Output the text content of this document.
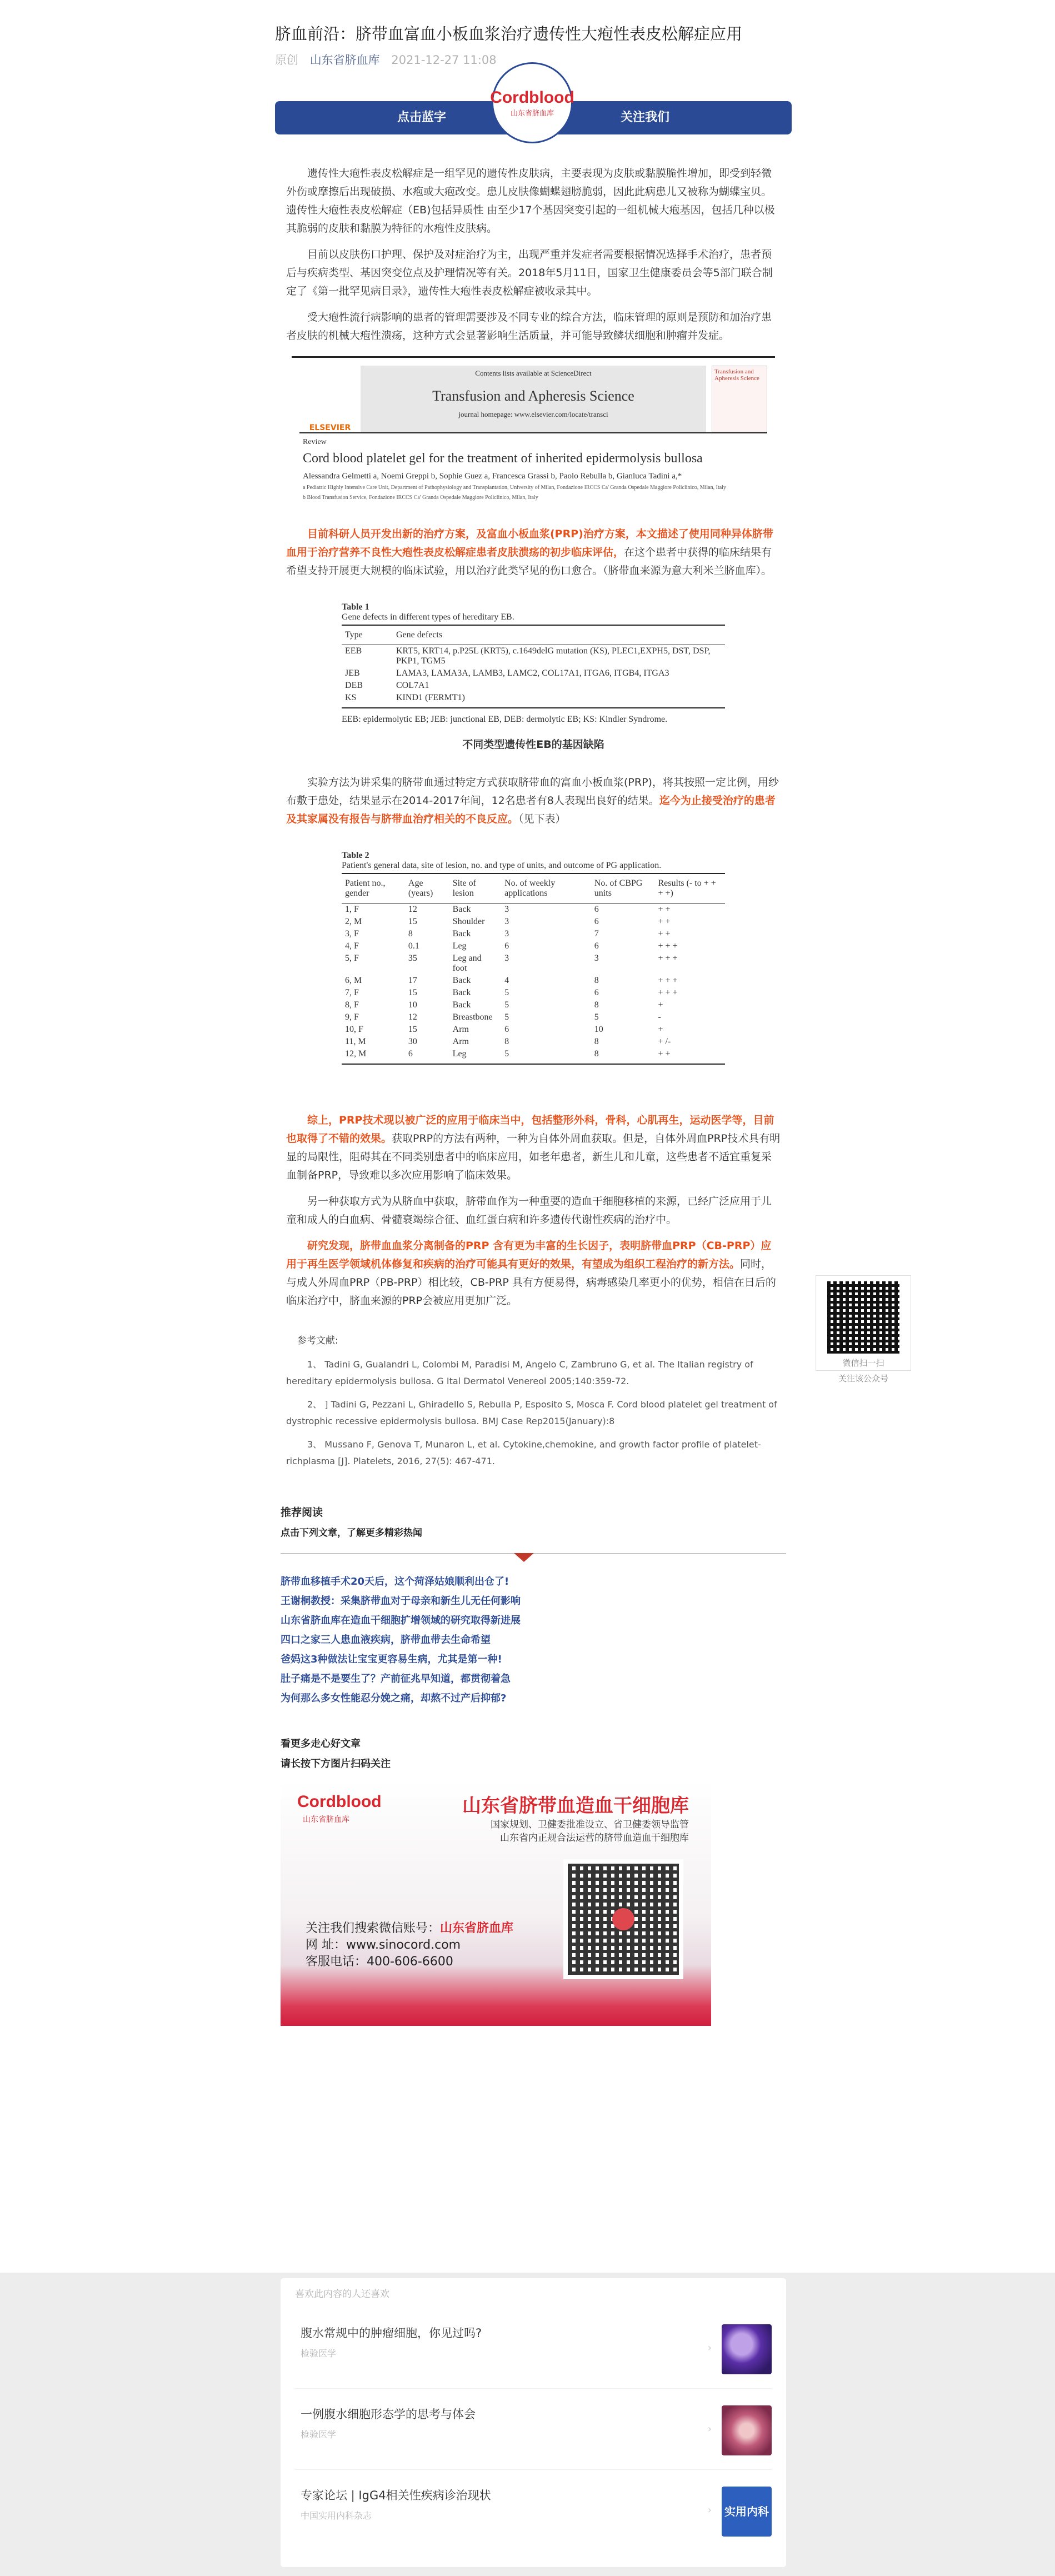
脐血前沿：脐带血富血小板血浆治疗遗传性大疱性表皮松解症应用
原创 山东省脐血库 2021-12-27 11:08
点击蓝字	关注我们
Cordblood
山东省脐血库

遗传性大疱性表皮松解症是一组罕见的遗传性皮肤病，主要表现为皮肤或黏膜脆性增加，即受到轻微外伤或摩擦后出现破损、水疱或大疱改变。患儿皮肤像蝴蝶翅膀脆弱，因此此病患儿又被称为蝴蝶宝贝。遗传性大疱性表皮松解症（EB)包括异质性 由至少17个基因突变引起的一组机械大疱基因，包括几种以极其脆弱的皮肤和黏膜为特征的水疱性皮肤病。

目前以皮肤伤口护理、保护及对症治疗为主，出现严重并发症者需要根据情况选择手术治疗，患者预后与疾病类型、基因突变位点及护理情况等有关。2018年5月11日，国家卫生健康委员会等5部门联合制定了《第一批罕见病目录》，遗传性大疱性表皮松解症被收录其中。

受大疱性流行病影响的患者的管理需要涉及不同专业的综合方法，临床管理的原则是预防和加治疗患者皮肤的机械大疱性溃疡，这种方式会显著影响生活质量，并可能导致鳞状细胞和肿瘤并发症。

ELSEVIER
Contents lists available at ScienceDirect
Transfusion and Apheresis Science
journal homepage: www.elsevier.com/locate/transci
Transfusion and Apheresis Science
Review
Cord blood platelet gel for the treatment of inherited epidermolysis bullosa
Alessandra Gelmetti a, Noemi Greppi b, Sophie Guez a, Francesca Grassi b, Paolo Rebulla b, Gianluca Tadini a,*
a Pediatric Highly Intensive Care Unit, Department of Pathophysiology and Transplantation, University of Milan, Fondazione IRCCS Ca' Granda Ospedale Maggiore Policlinico, Milan, Italy
b Blood Transfusion Service, Fondazione IRCCS Ca' Granda Ospedale Maggiore Policlinico, Milan, Italy

目前科研人员开发出新的治疗方案，及富血小板血浆(PRP)治疗方案，本文描述了使用同种异体脐带血用于治疗营养不良性大疱性表皮松解症患者皮肤溃疡的初步临床评估，在这个患者中获得的临床结果有希望支持开展更大规模的临床试验，用以治疗此类罕见的伤口愈合。（脐带血来源为意大利米兰脐血库）。

Table 1
Gene defects in different types of hereditary EB.
Type	Gene defects
EEB	KRT5, KRT14, p.P25L (KRT5), c.1649delG mutation (KS), PLEC1,EXPH5, DST, DSP, PKP1, TGM5
JEB	LAMA3, LAMA3A, LAMB3, LAMC2, COL17A1, ITGA6, ITGB4, ITGA3
DEB	COL7A1
KS	KIND1 (FERMT1)
EEB: epidermolytic EB; JEB: junctional EB, DEB: dermolytic EB; KS: Kindler Syndrome.
不同类型遗传性EB的基因缺陷

实验方法为讲采集的脐带血通过特定方式获取脐带血的富血小板血浆(PRP)，将其按照一定比例，用纱布敷于患处，结果显示在2014-2017年间，12名患者有8人表现出良好的结果。迄今为止接受治疗的患者及其家属没有报告与脐带血治疗相关的不良反应。（见下表）

Table 2
Patient's general data, site of lesion, no. and type of units, and outcome of PG application.
Patient no., gender	Age (years)	Site of lesion	No. of weekly applications	No. of CBPG units	Results (- to + + + +)
1, F	12	Back	3	6	+ +
2, M	15	Shoulder	3	6	+ +
3, F	8	Back	3	7	+ +
4, F	0.1	Leg	6	6	+ + +
5, F	35	Leg and foot	3	3	+ + +
6, M	17	Back	4	8	+ + +
7, F	15	Back	5	6	+ + +
8, F	10	Back	5	8	+
9, F	12	Breastbone	5	5	-
10, F	15	Arm	6	10	+
11, M	30	Arm	8	8	+ /-
12, M	6	Leg	5	8	+ +

综上，PRP技术现以被广泛的应用于临床当中，包括整形外科，骨科，心肌再生，运动医学等，目前也取得了不错的效果。获取PRP的方法有两种，一种为自体外周血获取。但是，自体外周血PRP技术具有明显的局限性，阻碍其在不同类别患者中的临床应用，如老年患者，新生儿和儿童，这些患者不适宜重复采血制备PRP，导致难以多次应用影响了临床效果。

另一种获取方式为从脐血中获取，脐带血作为一种重要的造血干细胞移植的来源，已经广泛应用于儿童和成人的白血病、骨髓衰竭综合征、血红蛋白病和许多遗传代谢性疾病的治疗中。

研究发现，脐带血血浆分离制备的PRP 含有更为丰富的生长因子，表明脐带血PRP（CB-PRP）应用于再生医学领域机体修复和疾病的治疗可能具有更好的效果，有望成为组织工程治疗的新方法。同时，与成人外周血PRP（PB-PRP）相比较，CB-PRP 具有方便易得，病毒感染几率更小的优势，相信在日后的临床治疗中，脐血来源的PRP会被应用更加广泛。

参考文献:

1、 Tadini G, Gualandri L, Colombi M, Paradisi M, Angelo C, Zambruno G, et al. The Italian registry of hereditary epidermolysis bullosa. G Ital Dermatol Venereol 2005;140:359-72.

2、 ] Tadini G, Pezzani L, Ghiradello S, Rebulla P, Esposito S, Mosca F. Cord blood platelet gel treatment of dystrophic recessive epidermolysis bullosa. BMJ Case Rep2015(January):8

3、 Mussano F, Genova T, Munaron L, et al. Cytokine,chemokine, and growth factor profile of platelet-richplasma [J]. Platelets, 2016, 27(5): 467-471.

推荐阅读
点击下列文章，了解更多精彩热闻
脐带血移植手术20天后，这个菏泽姑娘顺利出仓了!
王谢桐教授：采集脐带血对于母亲和新生儿无任何影响
山东省脐血库在造血干细胞扩增领域的研究取得新进展
四口之家三人患血液疾病，脐带血带去生命希望
爸妈这3种做法让宝宝更容易生病，尤其是第一种!
肚子痛是不是要生了？产前征兆早知道，都贯彻着急
为何那么多女性能忍分娩之痛，却熬不过产后抑郁?
看更多走心好文章
请长按下方图片扫码关注
Cordblood
山东省脐血库
山东省脐带血造血干细胞库
国家规划、卫健委批准设立、省卫健委领导监管
山东省内正规合法运营的脐带血造血干细胞库
关注我们搜索微信账号：山东省脐血库
网 址：www.sinocord.com
客服电话：400-606-6600
微信扫一扫
关注该公众号
喜欢此内容的人还喜欢
腹水常规中的肿瘤细胞，你见过吗?
检验医学	›
一例腹水细胞形态学的思考与体会
检验医学	›
专家论坛 | IgG4相关性疾病诊治现状
中国实用内科杂志	› 实用内科
